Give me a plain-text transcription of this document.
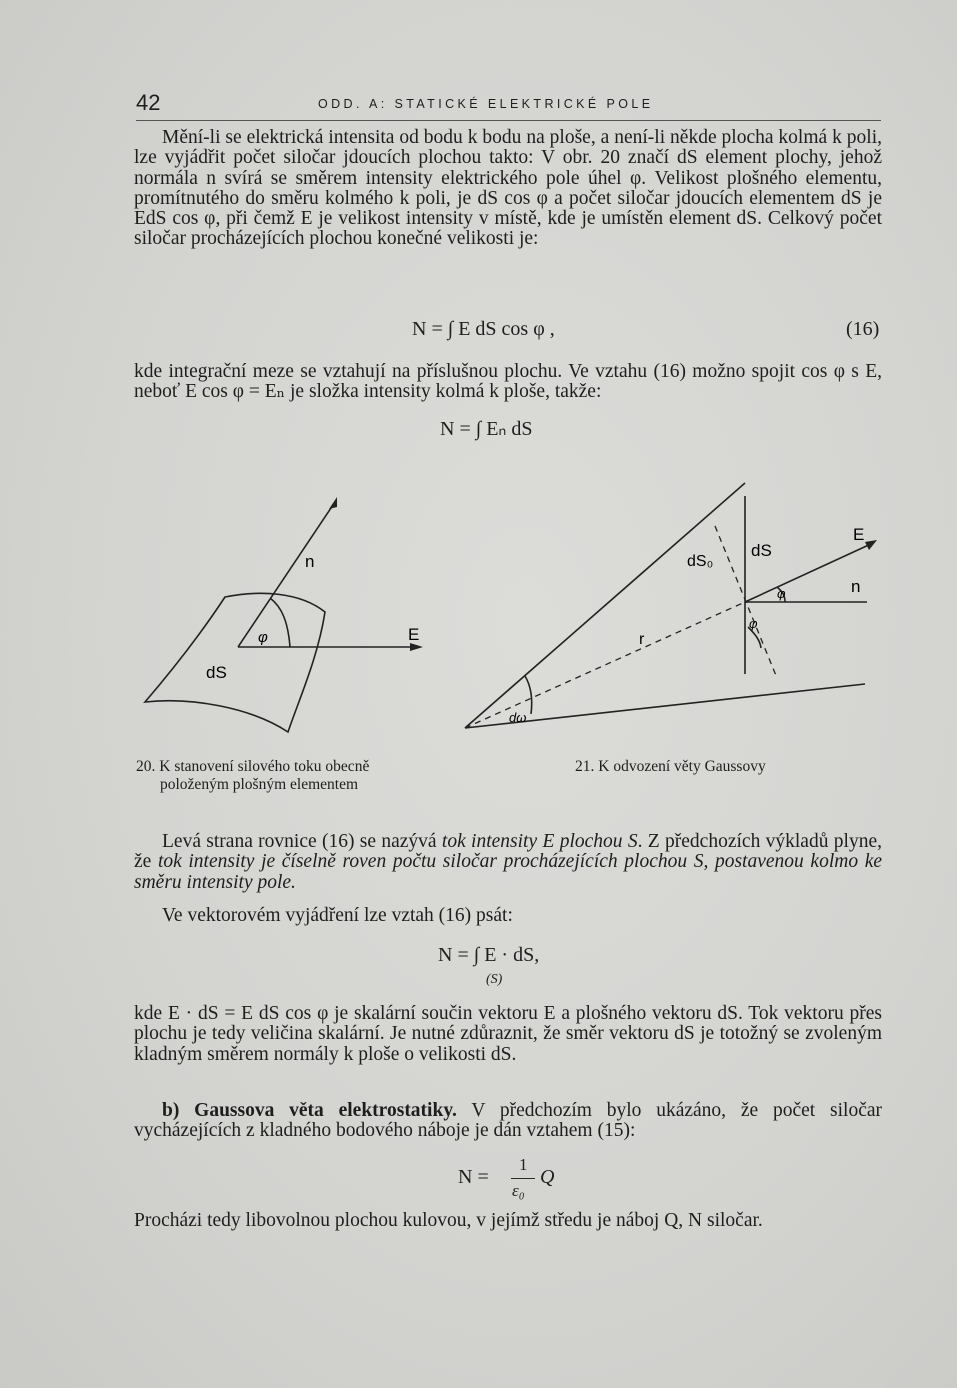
42	ODD. A: STATICKÉ ELEKTRICKÉ POLE

Mění-li se elektrická intensita od bodu k bodu na ploše, a není-li někde plocha kolmá k poli, lze vyjádřit počet siločar jdoucích plochou takto: V obr. 20 značí dS element plochy, jehož normála n svírá se směrem intensity elektrického pole úhel φ. Velikost plošného elementu, promítnutého do směru kolmého k poli, je dS cos φ a počet siločar jdoucích elementem dS je EdS cos φ, při čemž E je velikost intensity v místě, kde je umístěn element dS. Celkový počet siločar procházejících plochou konečné velikosti je:

N = ∫ E dS cos φ ,	(16)

kde integrační meze se vztahují na příslušnou plochu. Ve vztahu (16) možno spojit cos φ s E, neboť E cos φ = Eₙ je složka intensity kolmá k ploše, takže:

N = ∫ Eₙ dS
n
φ	E
dS
dS₀
dS
E
n
φ
φ
r
dω
20. K stanovení silového toku obecně
položeným plošným elementem
21. K odvození věty Gaussovy

Levá strana rovnice (16) se nazývá tok intensity E plochou S. Z předchozích výkladů plyne, že tok intensity je číselně roven počtu siločar procházejících plochou S, postavenou kolmo ke směru intensity pole.

Ve vektorovém vyjádření lze vztah (16) psát:

N = ∫ E · dS,
(S)

kde E · dS = E dS cos φ je skalární součin vektoru E a plošného vektoru dS. Tok vektoru přes plochu je tedy veličina skalární. Je nutné zdůraznit, že směr vektoru dS je totožný se zvoleným kladným směrem normály k ploše o velikosti dS.

b) Gaussova věta elektrostatiky. V předchozím bylo ukázáno, že počet siločar vycházejících z kladného bodového náboje je dán vztahem (15):

N =
1
ε₀
Q

Procházi tedy libovolnou plochou kulovou, v jejímž středu je náboj Q, N siločar.
